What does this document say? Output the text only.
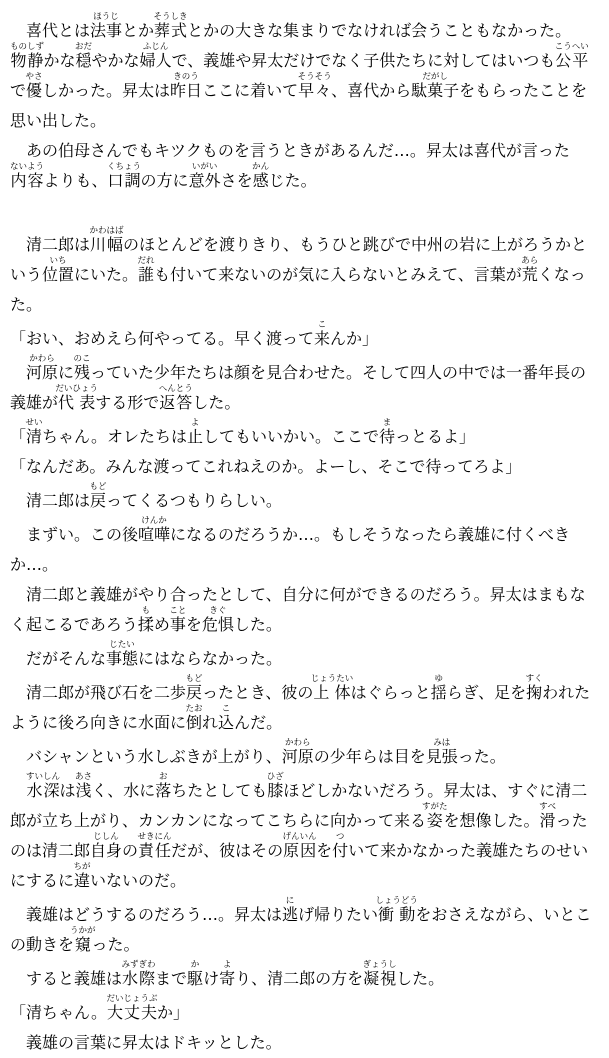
喜代とは法事ほうじとか葬式そうしきとかの大きな集まりでなければ会うこともなかった。物静ものしずかな穏おだやかな婦人ふじんで、義雄や昇太だけでなく子供たちに対してはいつも公平こうへいで優やさしかった。昇太は昨日きのうここに着いて早々そうそう、喜代から駄菓子だがしをもらったことを思い出した。

あの伯母さんでもキツクものを言うときがあるんだ…。昇太は喜代が言った内容ないようよりも、口調くちょうの方に意外いがいさを感かんじた。

清二郎は川幅かわはばのほとんどを渡りきり、もうひと跳びで中州の岩に上がろうかという位置いちにいた。誰だれも付いて来ないのが気に入らないとみえて、言葉が荒あらくなった。

「おい、おめえら何やってる。早く渡って来こんか」

河原かわらに残のこっていた少年たちは顔を見合わせた。そして四人の中では一番年長の義雄が代表だいひょうする形で返答へんとうした。

「清せいちゃん。オレたちは止よしてもいいかい。ここで待まっとるよ」

「なんだあ。みんな渡ってこれねえのか。よーし、そこで待ってろよ」

清二郎は戻もどってくるつもりらしい。

まずい。この後喧嘩けんかになるのだろうか…。もしそうなったら義雄に付くべきか…。

清二郎と義雄がやり合ったとして、自分に何ができるのだろう。昇太はまもなく起こるであろう揉もめ事ことを危惧きぐした。

だがそんな事態じたいにはならなかった。

清二郎が飛び石を二歩戻もどったとき、彼の上体じょうたいはぐらっと揺ゆらぎ、足を掬すくわれたように後ろ向きに水面に倒たおれ込こんだ。

バシャンという水しぶきが上がり、河原かわらの少年らは目を見張みはった。

水深すいしんは浅あさく、水に落おちたとしても膝ひざほどしかないだろう。昇太は、すぐに清二郎が立ち上がり、カンカンになってこちらに向かって来る姿すがたを想像した。滑すべったのは清二郎自身じしんの責任せきにんだが、彼はその原因げんいんを付ついて来かなかった義雄たちのせいにするに違ちがいないのだ。

義雄はどうするのだろう…。昇太は逃にげ帰りたい衝動しょうどうをおさえながら、いとこの動きを窺うかがった。

すると義雄は水際みずぎわまで駆かけ寄より、清二郎の方を凝視ぎょうしした。

「清ちゃん。大丈夫だいじょうぶか」

義雄の言葉に昇太はドキッとした。
